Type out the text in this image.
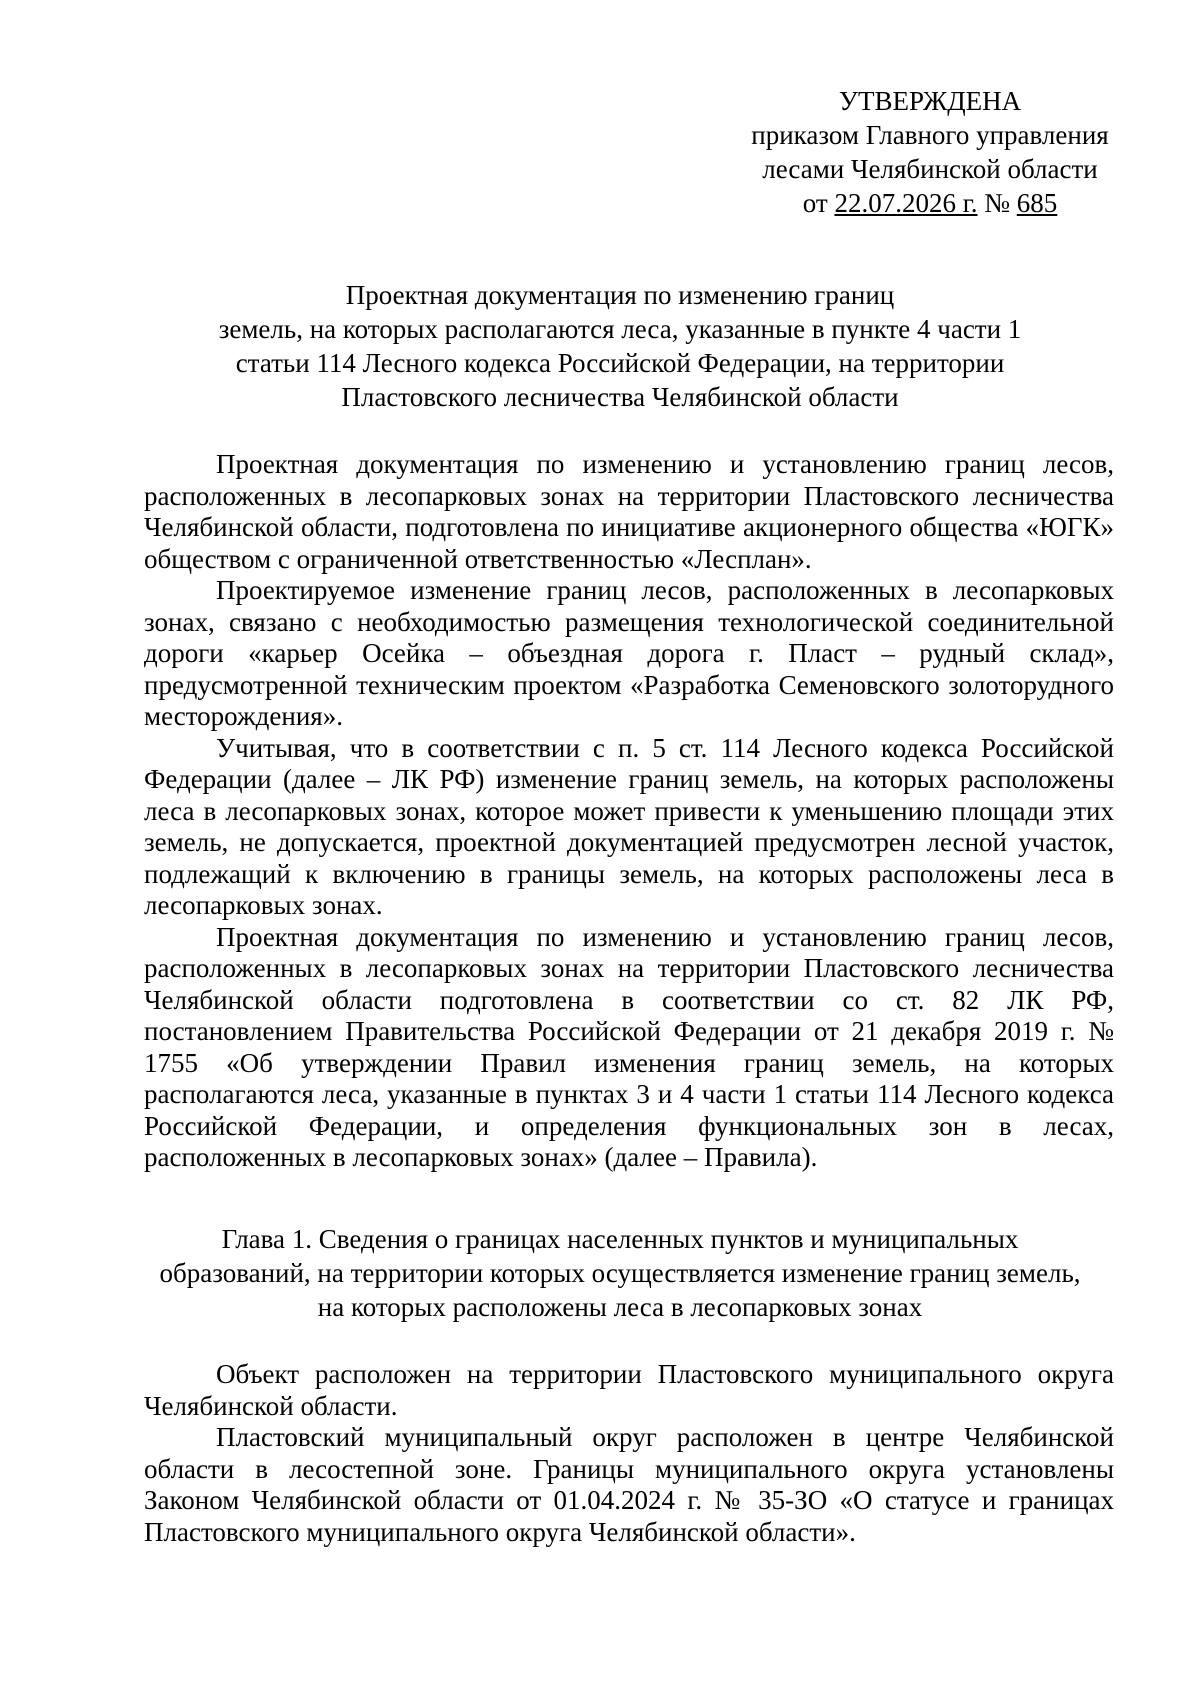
УТВЕРЖДЕНА
приказом Главного управления
лесами Челябинской области
от 22.07.2026 г. № 685
Проектная документация по изменению границ
земель, на которых располагаются леса, указанные в пункте 4 части 1
статьи 114 Лесного кодекса Российской Федерации, на территории
Пластовского лесничества Челябинской области

Проектная документация по изменению и установлению границ лесов, расположенных в лесопарковых зонах на территории Пластовского лесничества Челябинской области, подготовлена по инициативе акционерного общества «ЮГК» обществом с ограниченной ответственностью «Лесплан».

Проектируемое изменение границ лесов, расположенных в лесопарковых зонах, связано с необходимостью размещения технологической соединительной дороги «карьер Осейка – объездная дорога г. Пласт – рудный склад», предусмотренной техническим проектом «Разработка Семеновского золоторудного месторождения».

Учитывая, что в соответствии с п. 5 ст. 114 Лесного кодекса Российской Федерации (далее – ЛК РФ) изменение границ земель, на которых расположены леса в лесопарковых зонах, которое может привести к уменьшению площади этих земель, не допускается, проектной документацией предусмотрен лесной участок, подлежащий к включению в границы земель, на которых расположены леса в лесопарковых зонах.

Проектная документация по изменению и установлению границ лесов, расположенных в лесопарковых зонах на территории Пластовского лесничества Челябинской области подготовлена в соответствии со ст. 82 ЛК РФ, постановлением Правительства Российской Федерации от 21 декабря 2019 г. № 1755 «Об утверждении Правил изменения границ земель, на которых располагаются леса, указанные в пунктах 3 и 4 части 1 статьи 114 Лесного кодекса Российской Федерации, и определения функциональных зон в лесах, расположенных в лесопарковых зонах» (далее – Правила).

Глава 1. Сведения о границах населенных пунктов и муниципальных
образований, на территории которых осуществляется изменение границ земель,
на которых расположены леса в лесопарковых зонах

Объект расположен на территории Пластовского муниципального округа Челябинской области.

Пластовский муниципальный округ расположен в центре Челябинской области в лесостепной зоне. Границы муниципального округа установлены Законом Челябинской области от 01.04.2024 г. № 35-ЗО «О статусе и границах Пластовского муниципального округа Челябинской области».
